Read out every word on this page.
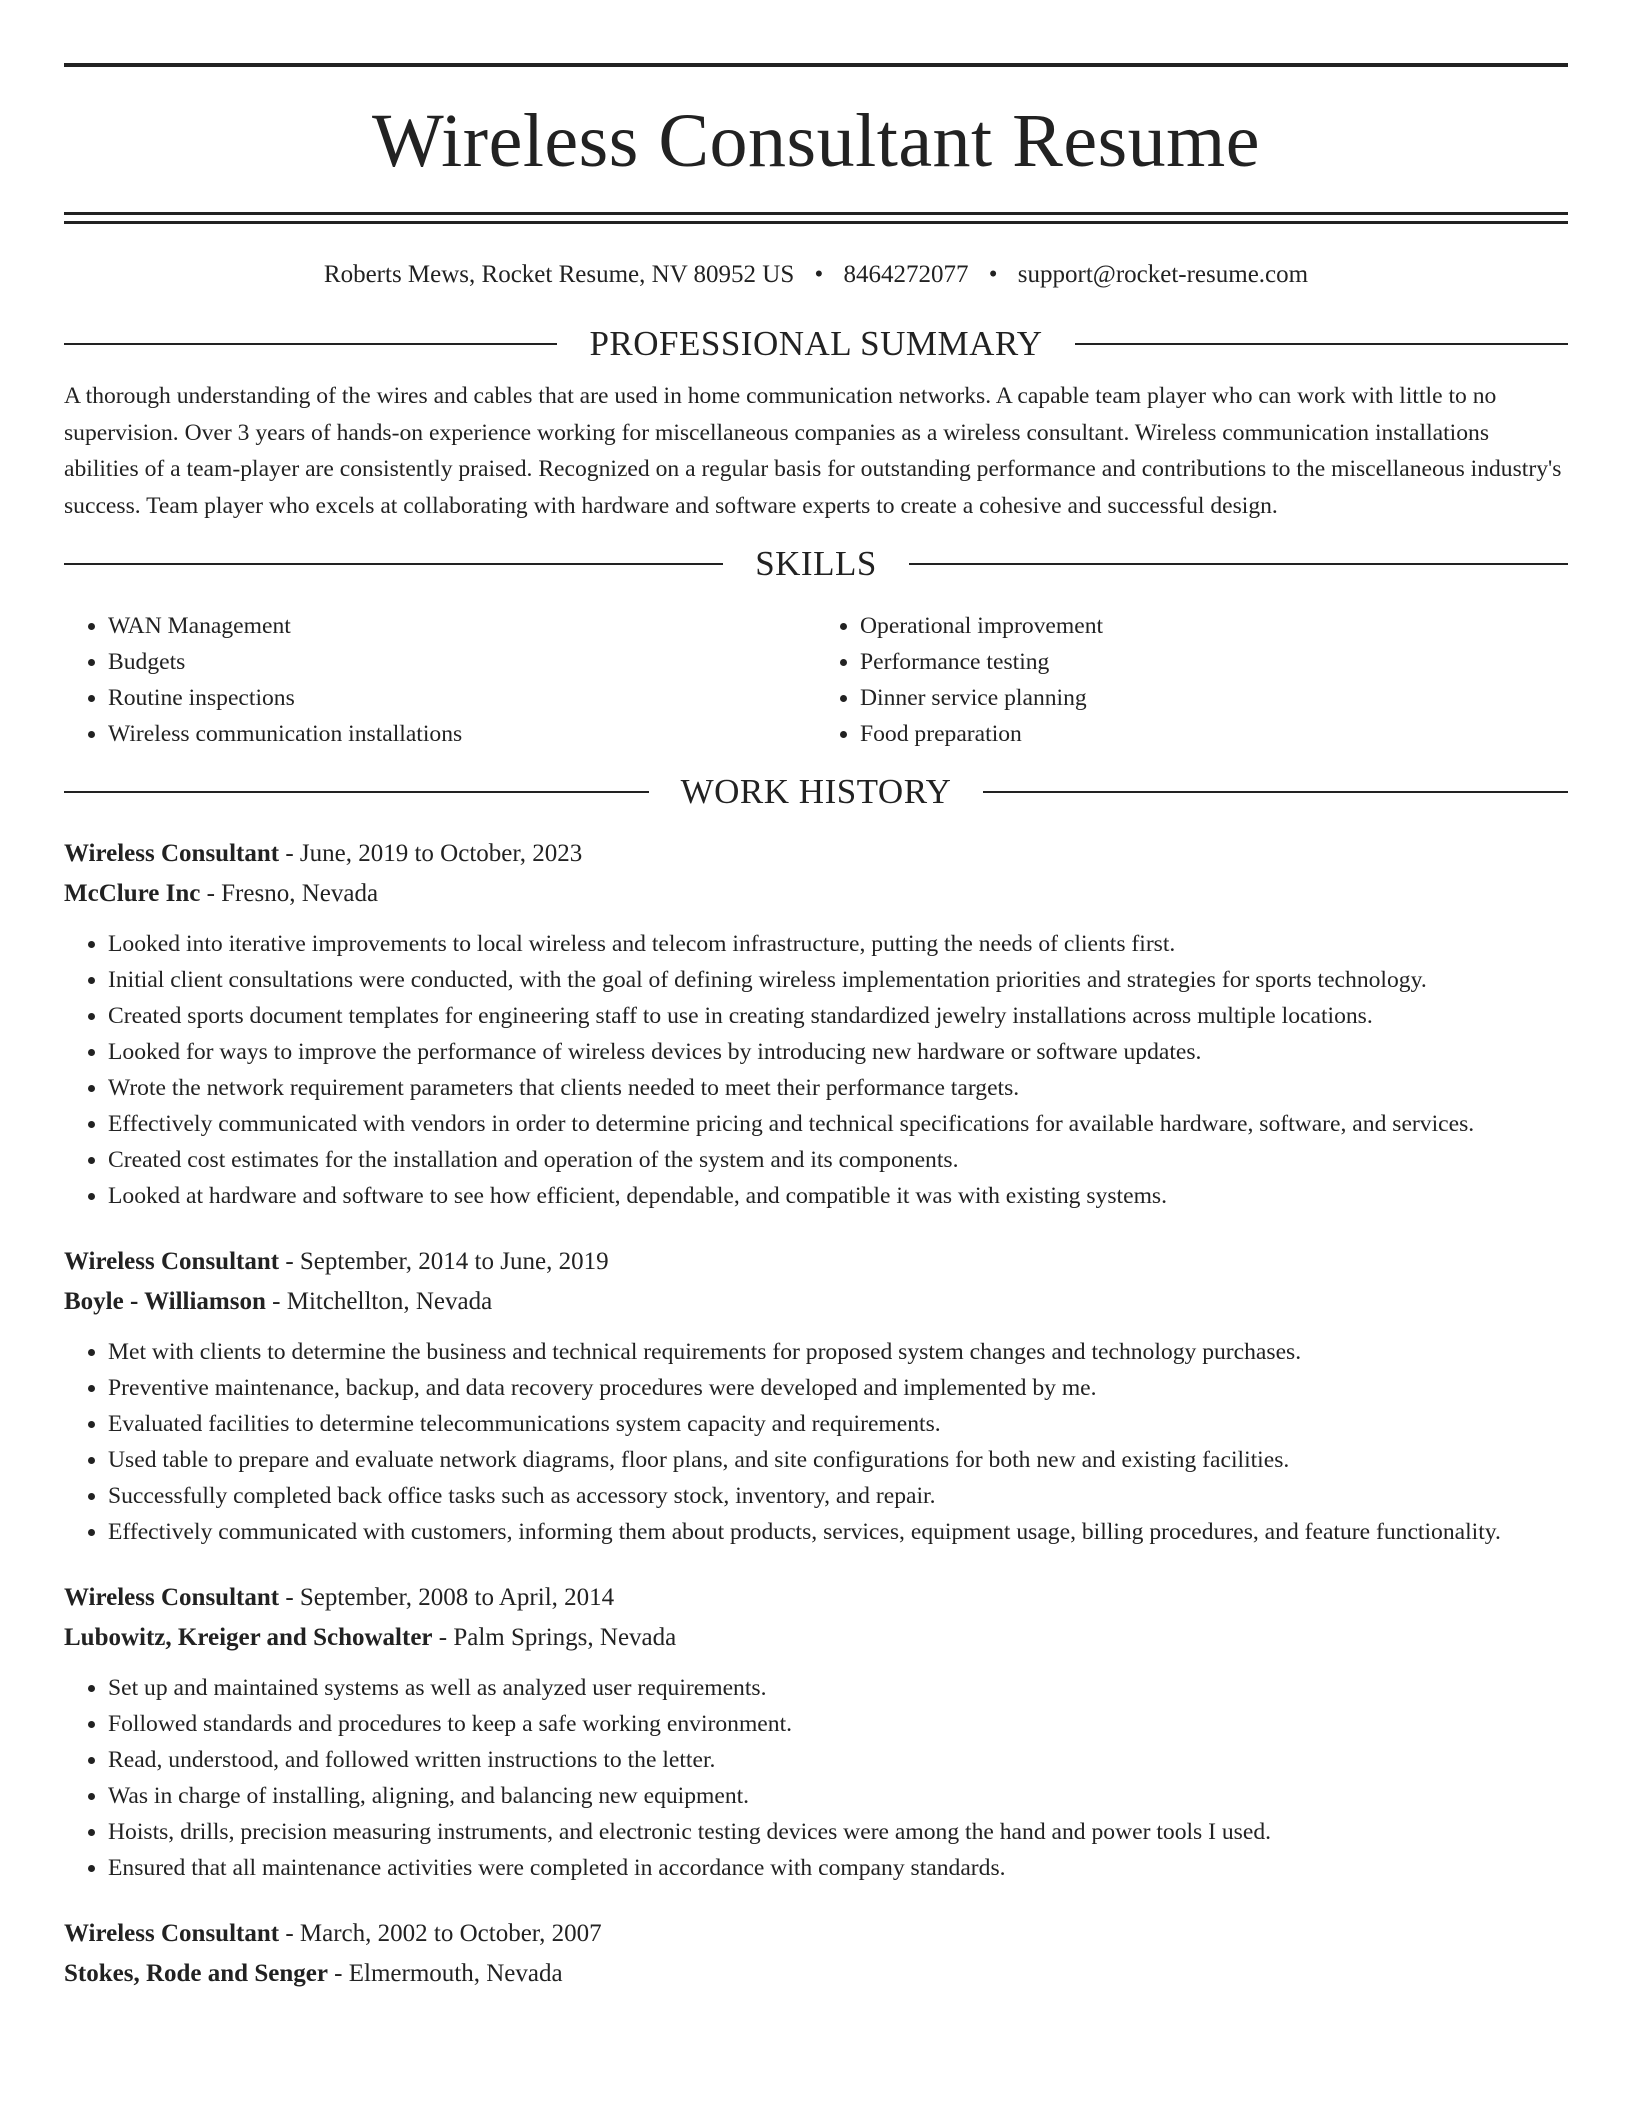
Wireless Consultant Resume
Roberts Mews, Rocket Resume, NV 80952 US • 8464272077 • support@rocket-resume.com
PROFESSIONAL SUMMARY

A thorough understanding of the wires and cables that are used in home communication networks. A capable team player who can work with little to no supervision. Over 3 years of hands-on experience working for miscellaneous companies as a wireless consultant. Wireless communication installations abilities of a team-player are consistently praised. Recognized on a regular basis for outstanding performance and contributions to the miscellaneous industry's success. Team player who excels at collaborating with hardware and software experts to create a cohesive and successful design.

SKILLS
• WAN Management
• Budgets
• Routine inspections
• Wireless communication installations
• Operational improvement
• Performance testing
• Dinner service planning
• Food preparation
WORK HISTORY
Wireless Consultant - June, 2019 to October, 2023
McClure Inc - Fresno, Nevada
• Looked into iterative improvements to local wireless and telecom infrastructure, putting the needs of clients first.
• Initial client consultations were conducted, with the goal of defining wireless implementation priorities and strategies for sports technology.
• Created sports document templates for engineering staff to use in creating standardized jewelry installations across multiple locations.
• Looked for ways to improve the performance of wireless devices by introducing new hardware or software updates.
• Wrote the network requirement parameters that clients needed to meet their performance targets.
• Effectively communicated with vendors in order to determine pricing and technical specifications for available hardware, software, and services.
• Created cost estimates for the installation and operation of the system and its components.
• Looked at hardware and software to see how efficient, dependable, and compatible it was with existing systems.
Wireless Consultant - September, 2014 to June, 2019
Boyle - Williamson - Mitchellton, Nevada
• Met with clients to determine the business and technical requirements for proposed system changes and technology purchases.
• Preventive maintenance, backup, and data recovery procedures were developed and implemented by me.
• Evaluated facilities to determine telecommunications system capacity and requirements.
• Used table to prepare and evaluate network diagrams, floor plans, and site configurations for both new and existing facilities.
• Successfully completed back office tasks such as accessory stock, inventory, and repair.
• Effectively communicated with customers, informing them about products, services, equipment usage, billing procedures, and feature functionality.
Wireless Consultant - September, 2008 to April, 2014
Lubowitz, Kreiger and Schowalter - Palm Springs, Nevada
• Set up and maintained systems as well as analyzed user requirements.
• Followed standards and procedures to keep a safe working environment.
• Read, understood, and followed written instructions to the letter.
• Was in charge of installing, aligning, and balancing new equipment.
• Hoists, drills, precision measuring instruments, and electronic testing devices were among the hand and power tools I used.
• Ensured that all maintenance activities were completed in accordance with company standards.
Wireless Consultant - March, 2002 to October, 2007
Stokes, Rode and Senger - Elmermouth, Nevada
